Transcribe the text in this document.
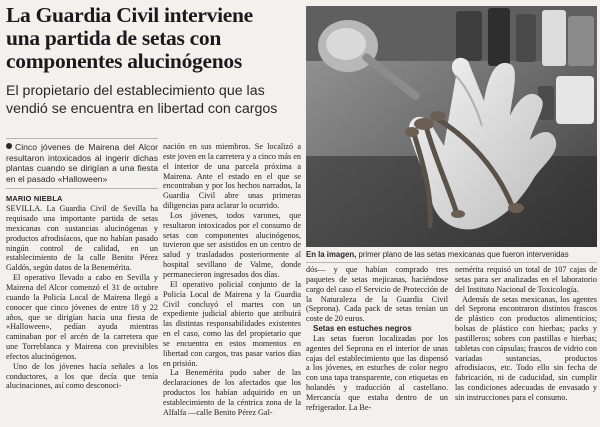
La Guardia Civil interviene
una partida de setas con
componentes alucinógenos

El propietario del establecimiento que las vendió se encuentra en libertad con cargos

Cinco jóvenes de Mairena del Alcor resultaron intoxicados al ingerir dichas plantas cuando se dirigían a una fiesta en el pasado «Halloween»
MARIO NIEBLA

SEVILLA. La Guardia Civil de Sevilla ha requisado una importante partida de setas mexicanas con sustancias alucinógenas y productos afrodisíacos, que no habían pasado ningún control de calidad, en un establecimiento de la calle Benito Pérez Galdós, según datos de la Benemérita.

El operativo llevado a cabo en Sevilla y Mairena del Alcor comenzó el 31 de octubre cuando la Policía Local de Mairena llegó a conocer que cinco jóvenes de entre 18 y 22 años, que se dirigían hacia una fiesta de «Halloween», pedían ayuda mientras caminaban por el arcén de la carretera que une Torreblanca y Mairena con previsibles efectos alucinógenos.

Uno de los jóvenes hacía señales a los conductores, a los que decía que tenía alucinaciones, así como desconoci-

nación en sus miembros. Se localizó a este joven en la carretera y a cinco más en el interior de una parcela próxima a Mairena. Ante el estado en el que se encontraban y por los hechos narrados, la Guardia Civil abre unas primeras diligencias para aclarar lo ocurrido.

Los jóvenes, todos varones, que resultaron intoxicados por el consumo de setas con componentes alucinógenos, tuvieron que ser asistidos en un centro de salud y trasladados posteriormente al hospital sevillano de Valme, donde permanecieron ingresados dos días.

El operativo policial conjunto de la Policía Local de Mairena y la Guardia Civil concluyó el martes con un expediente judicial abierto que atribuirá las distintas responsabilidades existentes en el caso, como las del propietario que se encuentra en estos momentos en libertad con cargos, tras pasar varios días en prisión.

La Benemérita pudo saber de las declaraciones de los afectados que los productos los habían adquirido en un establecimiento de la céntrica zona de la Alfalfa —calle Benito Pérez Gal-

ABC
En la imagen, primer plano de las setas mexicanas que fueron intervenidas

dós— y que habían comprado tres paquetes de setas mejicanas, haciéndose cargo del caso el Servicio de Protección de la Naturaleza de la Guardia Civil (Seprona). Cada pack de setas tenían un coste de 20 euros.

Setas en estuches negros

Las setas fueron localizadas por los agentes del Seprona en el interior de unas cajas del establecimiento que las dispensó a los jóvenes, en estuches de color negro con una tapa transparente, con etiquetas en holandés y traducción al castellano. Mercancía que estaba dentro de un refrigerador. La Be-

nemérita requisó un total de 107 cajas de setas para ser analizadas en el laboratorio del Instituto Nacional de Toxicología.

Además de setas mexicanas, los agentes del Seprona encontraron distintos frascos de plástico con productos alimenticios; bolsas de plástico con hierbas; packs y pastilleros; sobres con pastillas e hierbas; tabletas con cápsulas; frascos de vidrio con variadas sustancias, productos afrodisíacos, etc. Todo ello sin fecha de fabricación, ni de caducidad, sin cumplir las condiciones adecuadas de envasado y sin instrucciones para el consumo.
